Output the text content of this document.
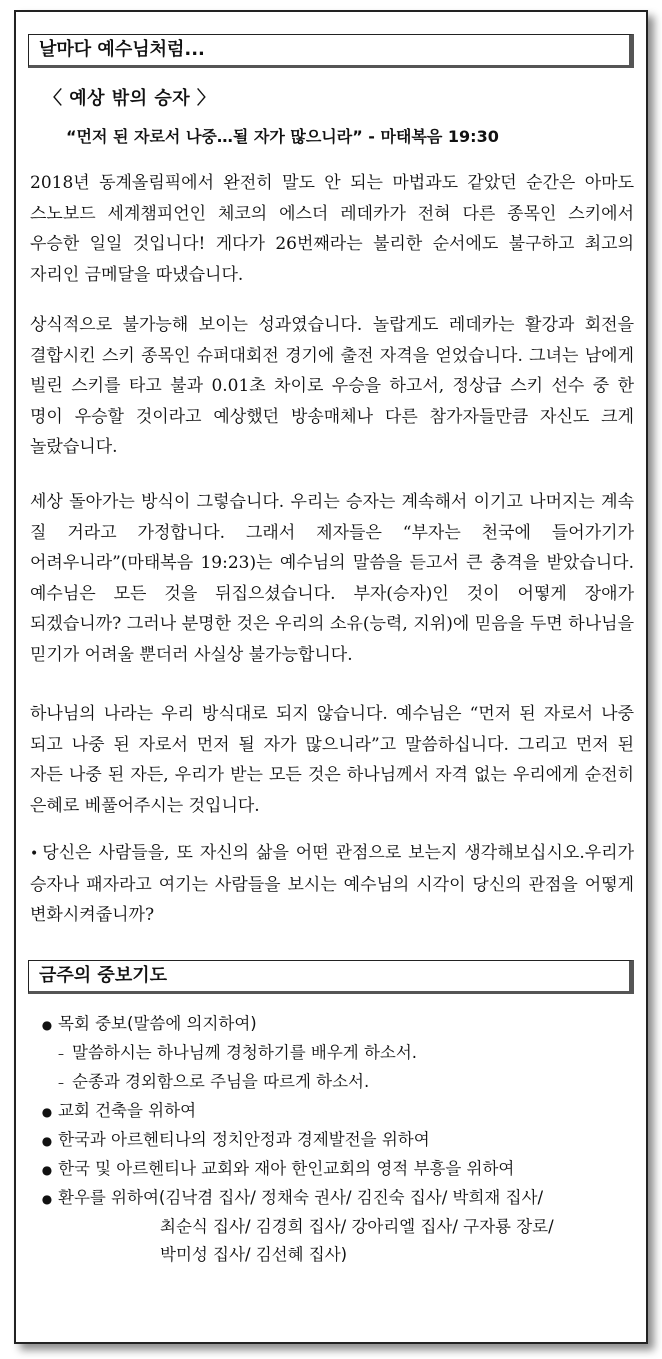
날마다 예수님처럼...
〈 예상 밖의 승자 〉
“먼저 된 자로서 나중…될 자가 많으니라” - 마태복음 19:30

2018년 동계올림픽에서 완전히 말도 안 되는 마법과도 같았던 순간은 아마도 스노보드 세계챔피언인 체코의 에스더 레데카가 전혀 다른 종목인 스키에서 우승한 일일 것입니다! 게다가 26번째라는 불리한 순서에도 불구하고 최고의 자리인 금메달을 따냈습니다.

상식적으로 불가능해 보이는 성과였습니다. 놀랍게도 레데카는 활강과 회전을 결합시킨 스키 종목인 슈퍼대회전 경기에 출전 자격을 얻었습니다. 그녀는 남에게 빌린 스키를 타고 불과 0.01초 차이로 우승을 하고서, 정상급 스키 선수 중 한 명이 우승할 것이라고 예상했던 방송매체나 다른 참가자들만큼 자신도 크게 놀랐습니다.

세상 돌아가는 방식이 그렇습니다. 우리는 승자는 계속해서 이기고 나머지는 계속 질 거라고 가정합니다. 그래서 제자들은 “부자는 천국에 들어가기가 어려우니라”(마태복음 19:23)는 예수님의 말씀을 듣고서 큰 충격을 받았습니다. 예수님은 모든 것을 뒤집으셨습니다. 부자(승자)인 것이 어떻게 장애가 되겠습니까? 그러나 분명한 것은 우리의 소유(능력, 지위)에 믿음을 두면 하나님을 믿기가 어려울 뿐더러 사실상 불가능합니다.

하나님의 나라는 우리 방식대로 되지 않습니다. 예수님은 “먼저 된 자로서 나중 되고 나중 된 자로서 먼저 될 자가 많으니라”고 말씀하십니다. 그리고 먼저 된 자든 나중 된 자든, 우리가 받는 모든 것은 하나님께서 자격 없는 우리에게 순전히 은혜로 베풀어주시는 것입니다.

• 당신은 사람들을, 또 자신의 삶을 어떤 관점으로 보는지 생각해보십시오.우리가 승자나 패자라고 여기는 사람들을 보시는 예수님의 시각이 당신의 관점을 어떻게 변화시켜줍니까?

금주의 중보기도
● 목회 중보(말씀에 의지하여)
– 말씀하시는 하나님께 경청하기를 배우게 하소서.
– 순종과 경외함으로 주님을 따르게 하소서.
● 교회 건축을 위하여
● 한국과 아르헨티나의 정치안정과 경제발전을 위하여
● 한국 및 아르헨티나 교회와 재아 한인교회의 영적 부흥을 위하여
● 환우를 위하여(김낙겸 집사/ 정채숙 권사/ 김진숙 집사/ 박희재 집사/
최순식 집사/ 김경희 집사/ 강아리엘 집사/ 구자룡 장로/
박미성 집사/ 김선혜 집사)
